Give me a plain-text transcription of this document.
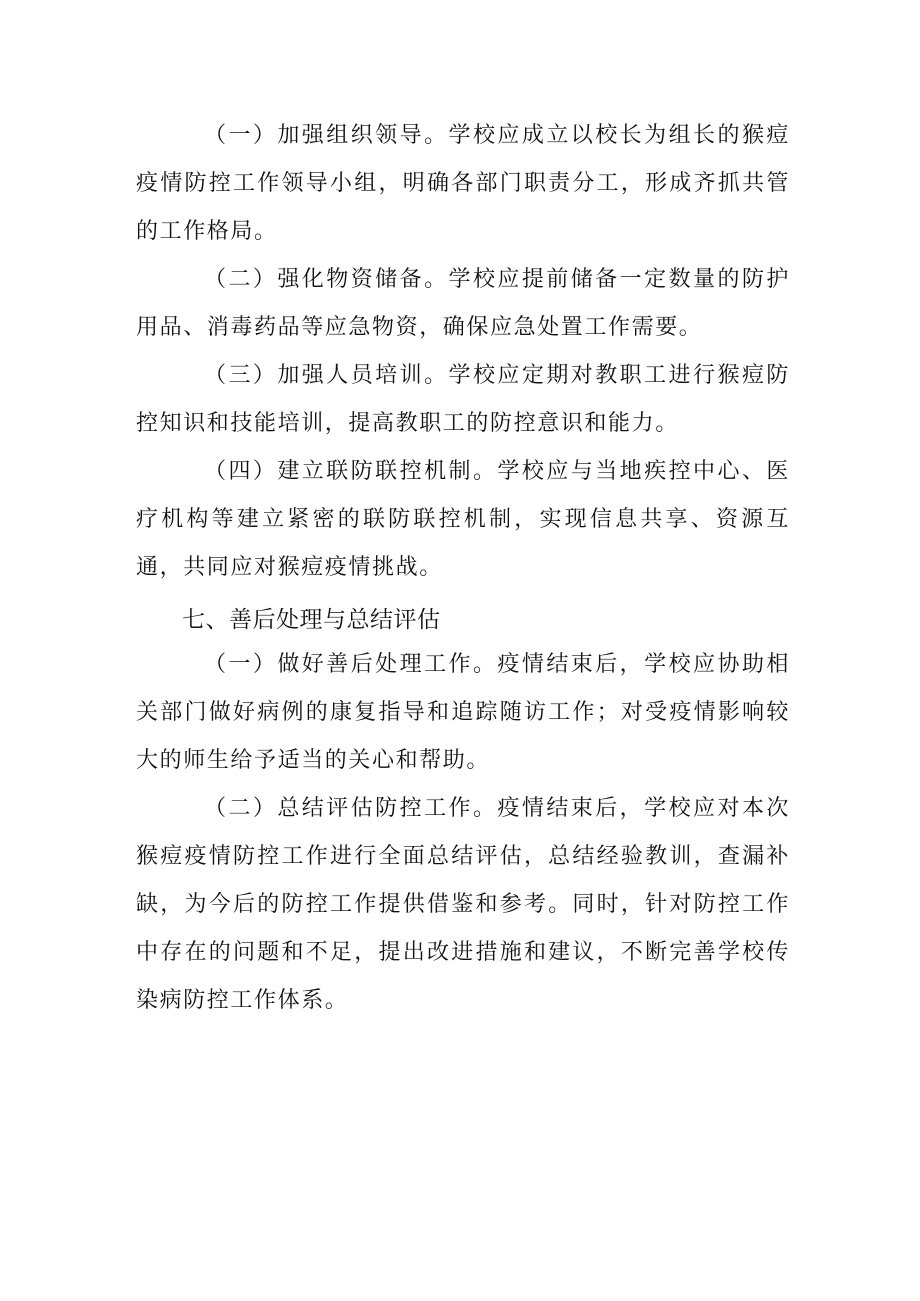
（一）加强组织领导。学校应成立以校长为组长的猴痘疫情防控工作领导小组，明确各部门职责分工，形成齐抓共管的工作格局。

（二）强化物资储备。学校应提前储备一定数量的防护用品、消毒药品等应急物资，确保应急处置工作需要。

（三）加强人员培训。学校应定期对教职工进行猴痘防控知识和技能培训，提高教职工的防控意识和能力。

（四）建立联防联控机制。学校应与当地疾控中心、医疗机构等建立紧密的联防联控机制，实现信息共享、资源互通，共同应对猴痘疫情挑战。

七、善后处理与总结评估

（一）做好善后处理工作。疫情结束后，学校应协助相关部门做好病例的康复指导和追踪随访工作；对受疫情影响较大的师生给予适当的关心和帮助。

（二）总结评估防控工作。疫情结束后，学校应对本次猴痘疫情防控工作进行全面总结评估，总结经验教训，查漏补缺，为今后的防控工作提供借鉴和参考。同时，针对防控工作中存在的问题和不足，提出改进措施和建议，不断完善学校传染病防控工作体系。
